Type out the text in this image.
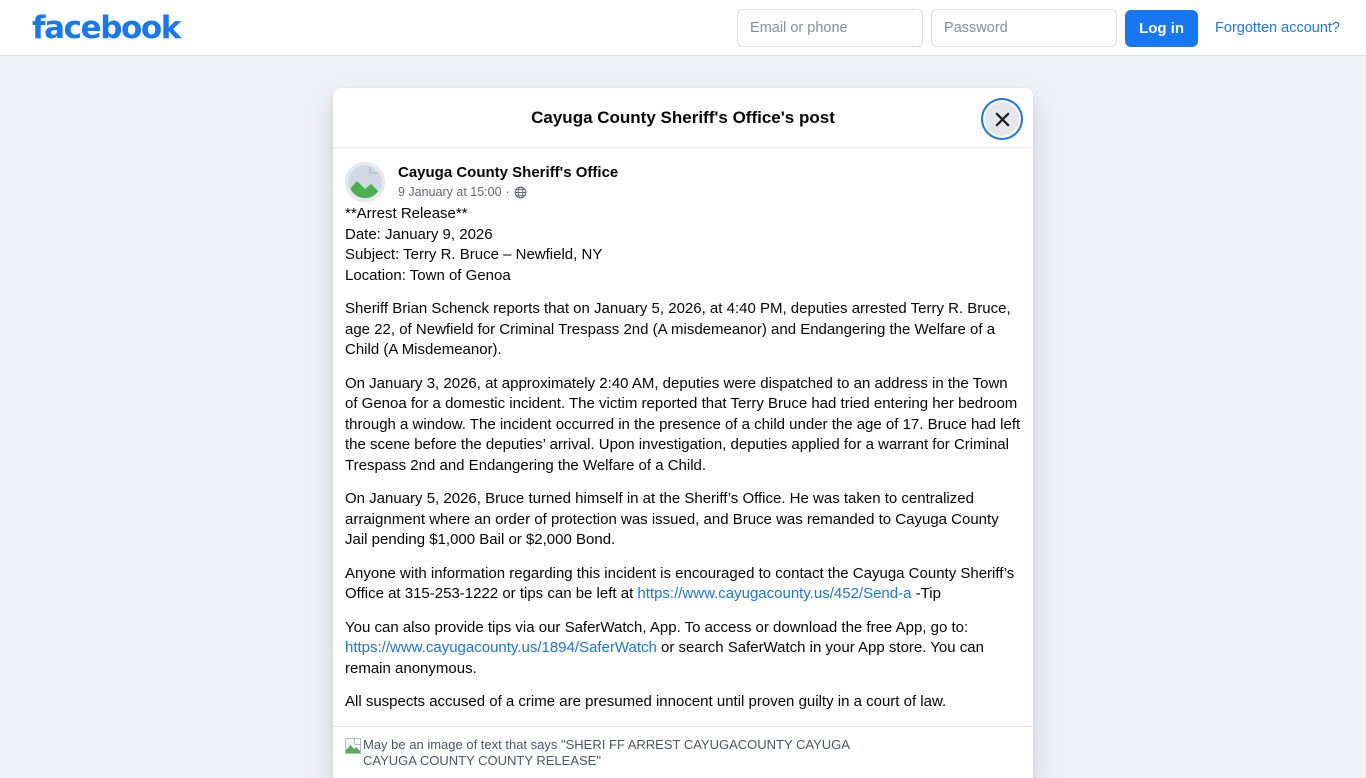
facebook
Email or phone	Log in	Forgotten account?
Cayuga County Sheriff's Office's post
Cayuga County Sheriff's Office
9 January at 15:00 ·

**Arrest Release**

Date: January 9, 2026

Subject: Terry R. Bruce – Newfield, NY

Location: Town of Genoa

Sheriff Brian Schenck reports that on January 5, 2026, at 4:40 PM, deputies arrested Terry R. Bruce, age 22, of Newfield for Criminal Trespass 2nd (A misdemeanor) and Endangering the Welfare of a Child (A Misdemeanor).

On January 3, 2026, at approximately 2:40 AM, deputies were dispatched to an address in the Town of Genoa for a domestic incident. The victim reported that Terry Bruce had tried entering her bedroom through a window. The incident occurred in the presence of a child under the age of 17. Bruce had left the scene before the deputies’ arrival. Upon investigation, deputies applied for a warrant for Criminal Trespass 2nd and Endangering the Welfare of a Child.

On January 5, 2026, Bruce turned himself in at the Sheriff’s Office. He was taken to centralized arraignment where an order of protection was issued, and Bruce was remanded to Cayuga County Jail pending $1,000 Bail or $2,000 Bond.

Anyone with information regarding this incident is encouraged to contact the Cayuga County Sheriff’s Office at 315-253-1222 or tips can be left at https://www.cayugacounty.us/452/Send-a -Tip

You can also provide tips via our SaferWatch, App. To access or download the free App, go to: https://www.cayugacounty.us/1894/SaferWatch or search SaferWatch in your App store. You can remain anonymous.

All suspects accused of a crime are presumed innocent until proven guilty in a court of law.

May be an image of text that says "SHERI FF ARREST CAYUGACOUNTY CAYUGA CAYUGA COUNTY COUNTY RELEASE"
